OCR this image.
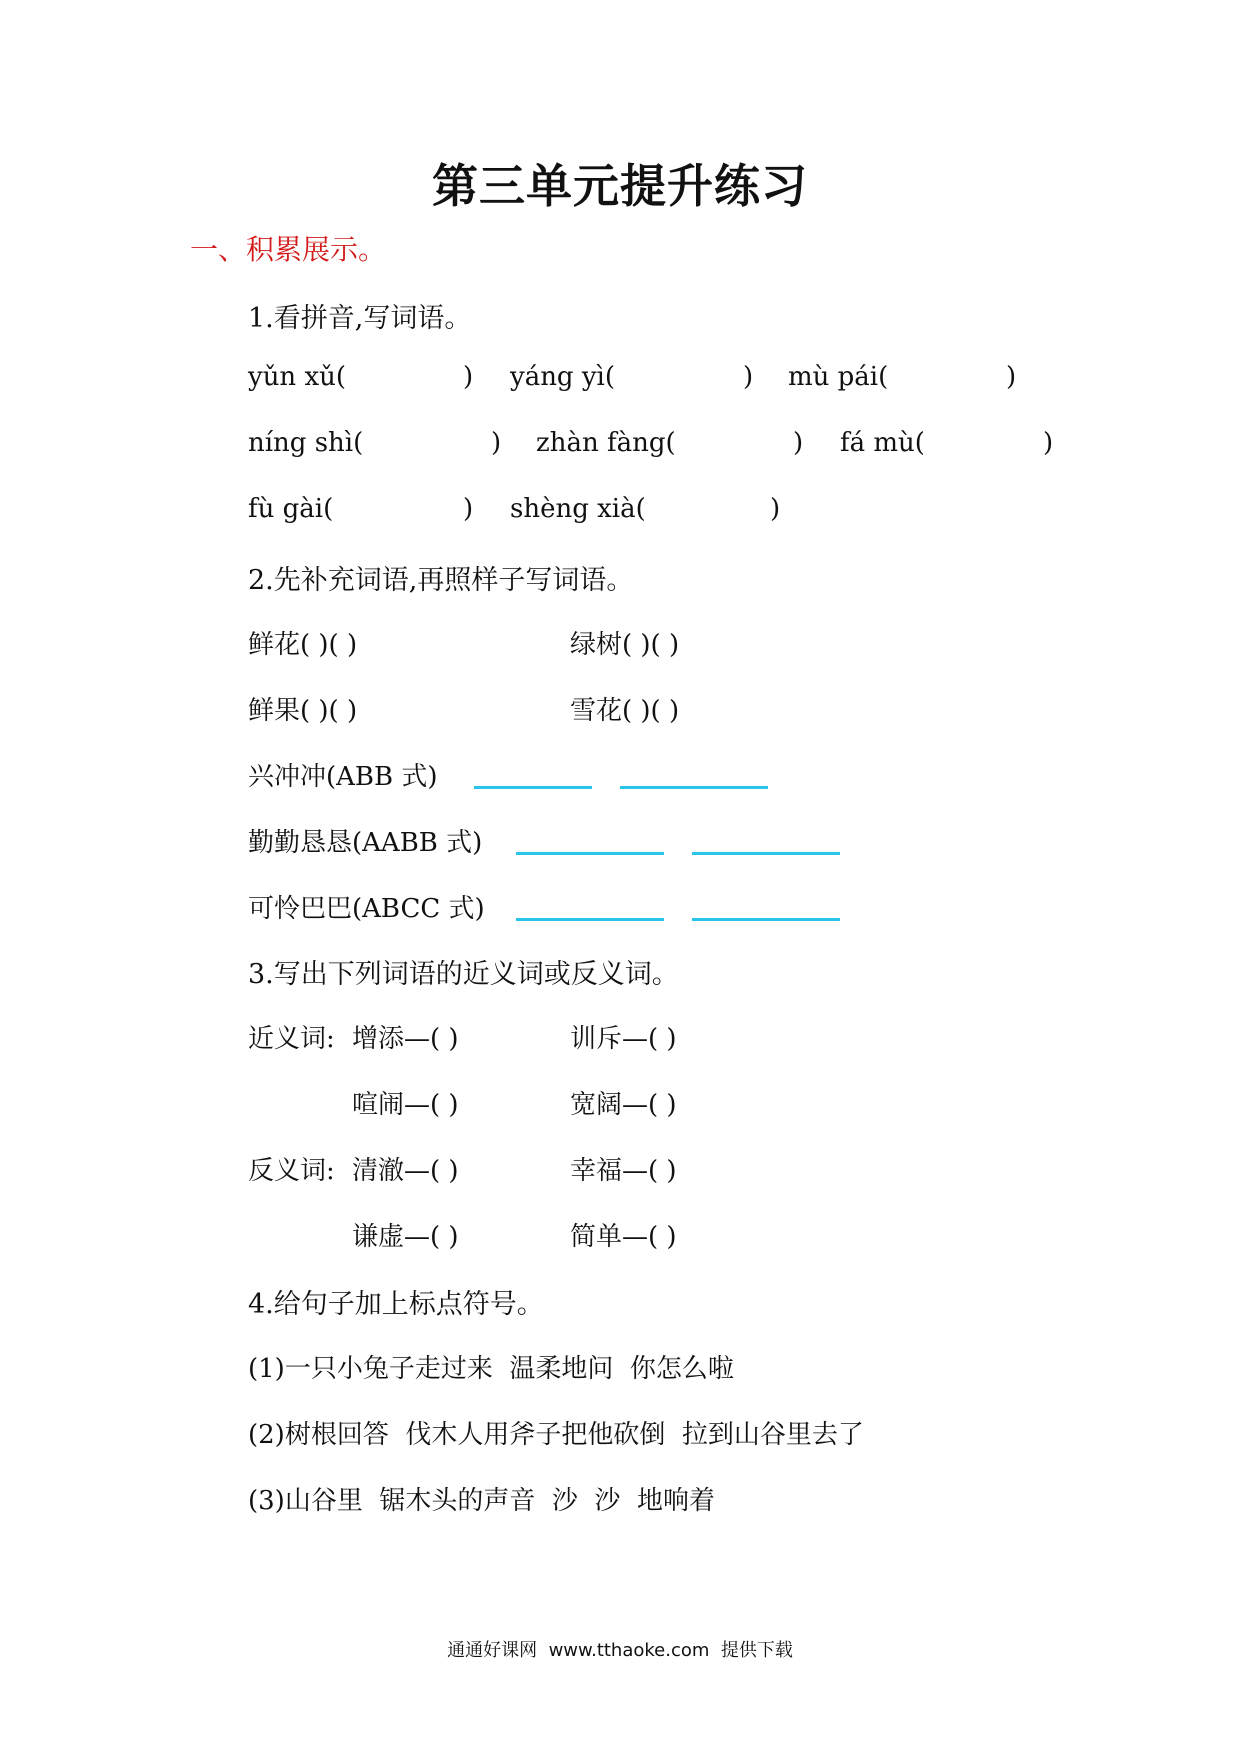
第三单元提升练习
一、积累展示。
1.看拼音,写词语。
yǔn xǔ(	) yáng yì(	) mù pái(	)
níng shì(	) zhàn fàng(	) fá mù(	)
fù gài(	) shèng xià(	)
2.先补充词语,再照样子写词语。
鲜花( )( )	绿树( )( )
鲜果( )( )	雪花( )( )
兴冲冲(ABB 式)
勤勤恳恳(AABB 式)
可怜巴巴(ABCC 式)
3.写出下列词语的近义词或反义词。
近义词: 增添—( )	训斥—( )
喧闹—( )	宽阔—( )
反义词: 清澈—( )	幸福—( )
谦虚—( )	简单—( )
4.给句子加上标点符号。
(1)一只小兔子走过来  温柔地问  你怎么啦
(2)树根回答  伐木人用斧子把他砍倒  拉到山谷里去了
(3)山谷里  锯木头的声音  沙  沙  地响着
通通好课网  www.tthaoke.com  提供下载
